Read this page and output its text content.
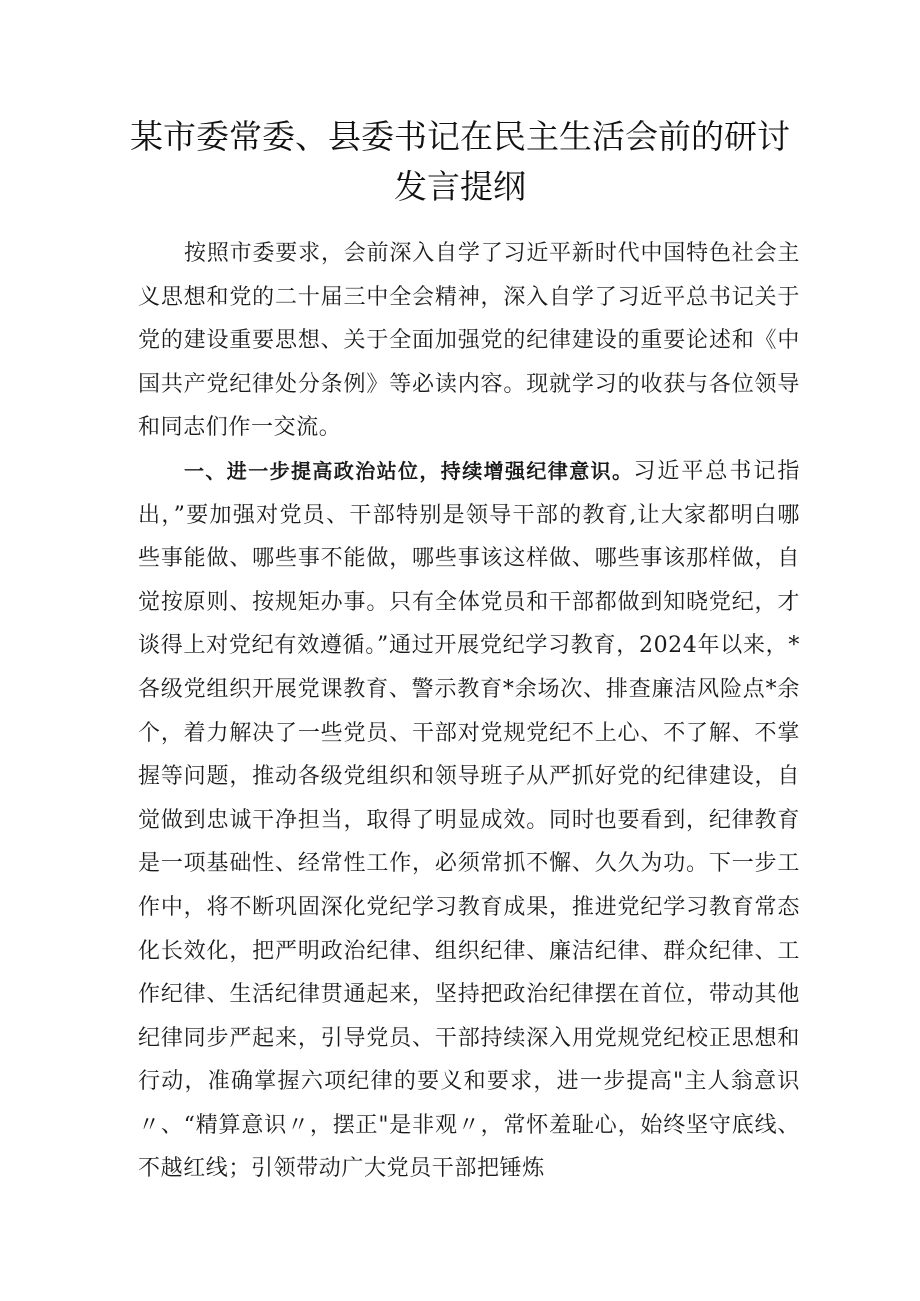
某市委常委、县委书记在民主生活会前的研讨发言提纲

按照市委要求，会前深入自学了习近平新时代中国特色社会主义思想和党的二十届三中全会精神，深入自学了习近平总书记关于党的建设重要思想、关于全面加强党的纪律建设的重要论述和《中国共产党纪律处分条例》等必读内容。现就学习的收获与各位领导和同志们作一交流。

一、进一步提高政治站位，持续增强纪律意识。习近平总书记指出，”要加强对党员、干部特别是领导干部的教育,让大家都明白哪些事能做、哪些事不能做，哪些事该这样做、哪些事该那样做，自觉按原则、按规矩办事。只有全体党员和干部都做到知晓党纪，才谈得上对党纪有效遵循。”通过开展党纪学习教育，2024年以来，*各级党组织开展党课教育、警示教育*余场次、排查廉洁风险点*余个，着力解决了一些党员、干部对党规党纪不上心、不了解、不掌握等问题，推动各级党组织和领导班子从严抓好党的纪律建设，自觉做到忠诚干净担当，取得了明显成效。同时也要看到，纪律教育是一项基础性、经常性工作，必须常抓不懈、久久为功。下一步工作中，将不断巩固深化党纪学习教育成果，推进党纪学习教育常态化长效化，把严明政治纪律、组织纪律、廉洁纪律、群众纪律、工作纪律、生活纪律贯通起来，坚持把政治纪律摆在首位，带动其他纪律同步严起来，引导党员、干部持续深入用党规党纪校正思想和行动，准确掌握六项纪律的要义和要求，进一步提高"主人翁意识〃、“精算意识〃，摆正"是非观〃，常怀羞耻心，始终坚守底线、不越红线；引领带动广大党员干部把锤炼
